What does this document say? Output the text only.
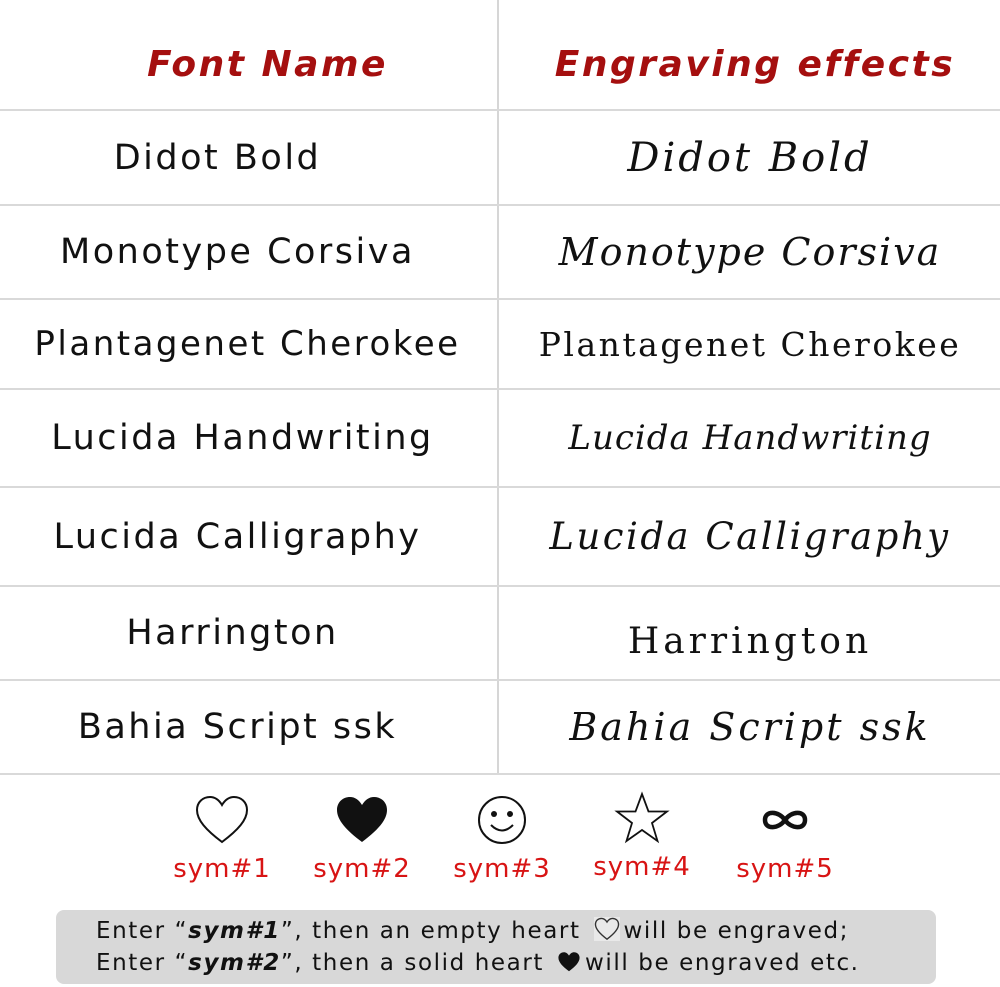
Font Name	Engraving effects
Didot Bold	Didot Bold
Monotype Corsiva	Monotype Corsiva
Plantagenet Cherokee	Plantagenet Cherokee
Lucida Handwriting	Lucida Handwriting
Lucida Calligraphy	Lucida Calligraphy
Harrington	Harrington
Bahia Script ssk	Bahia Script ssk
sym#1 sym#2 sym#3 sym#4 sym#5
Enter “sym#1”, then an empty heart will be engraved;
Enter “sym#2”, then a solid heart will be engraved etc.
